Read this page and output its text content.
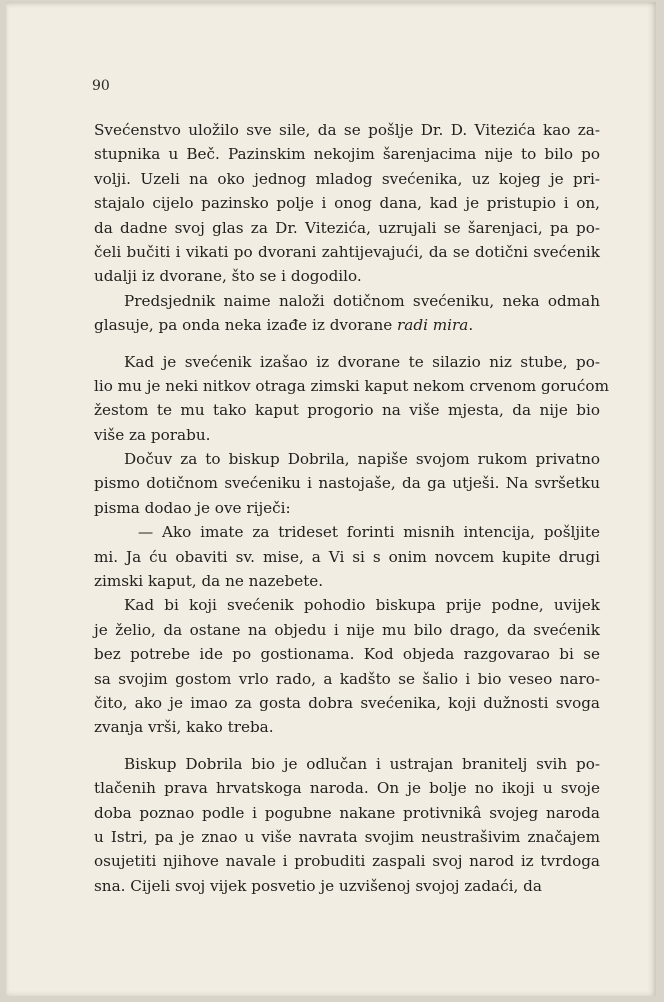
90
Svećenstvo uložilo sve sile, da se pošlje Dr. D. Vitezića kao za-
stupnika u Beč. Pazinskim nekojim šarenjacima nije to bilo po
volji. Uzeli na oko jednog mladog svećenika, uz kojeg je pri-
stajalo cijelo pazinsko polje i onog dana, kad je pristupio i on,
da dadne svoj glas za Dr. Vitezića, uzrujali se šarenjaci, pa po-
čeli bučiti i vikati po dvorani zahtijevajući, da se dotični svećenik
udalji iz dvorane, što se i dogodilo.
Predsjednik naime naloži dotičnom svećeniku, neka odmah
glasuje, pa onda neka izađe iz dvorane radi mira.
Kad je svećenik izašao iz dvorane te silazio niz stube, po-
lio mu je neki nitkov otraga zimski kaput nekom crvenom gorućom
žestom te mu tako kaput progorio na više mjesta, da nije bio
više za porabu.
Dočuv za to biskup Dobrila, napiše svojom rukom privatno
pismo dotičnom svećeniku i nastojaše, da ga utješi. Na svršetku
pisma dodao je ove riječi:
— Ako imate za trideset forinti misnih intencija, pošljite
mi. Ja ću obaviti sv. mise, a Vi si s onim novcem kupite drugi
zimski kaput, da ne nazebete.
Kad bi koji svećenik pohodio biskupa prije podne, uvijek
je želio, da ostane na objedu i nije mu bilo drago, da svećenik
bez potrebe ide po gostionama. Kod objeda razgovarao bi se
sa svojim gostom vrlo rado, a kadšto se šalio i bio veseo naro-
čito, ako je imao za gosta dobra svećenika, koji dužnosti svoga
zvanja vrši, kako treba.
Biskup Dobrila bio je odlučan i ustrajan branitelj svih po-
tlačenih prava hrvatskoga naroda. On je bolje no ikoji u svoje
doba poznao podle i pogubne nakane protivnikâ svojeg naroda
u Istri, pa je znao u više navrata svojim neustrašivim značajem
osujetiti njihove navale i probuditi zaspali svoj narod iz tvrdoga
sna. Cijeli svoj vijek posvetio je uzvišenoj svojoj zadaći, da
